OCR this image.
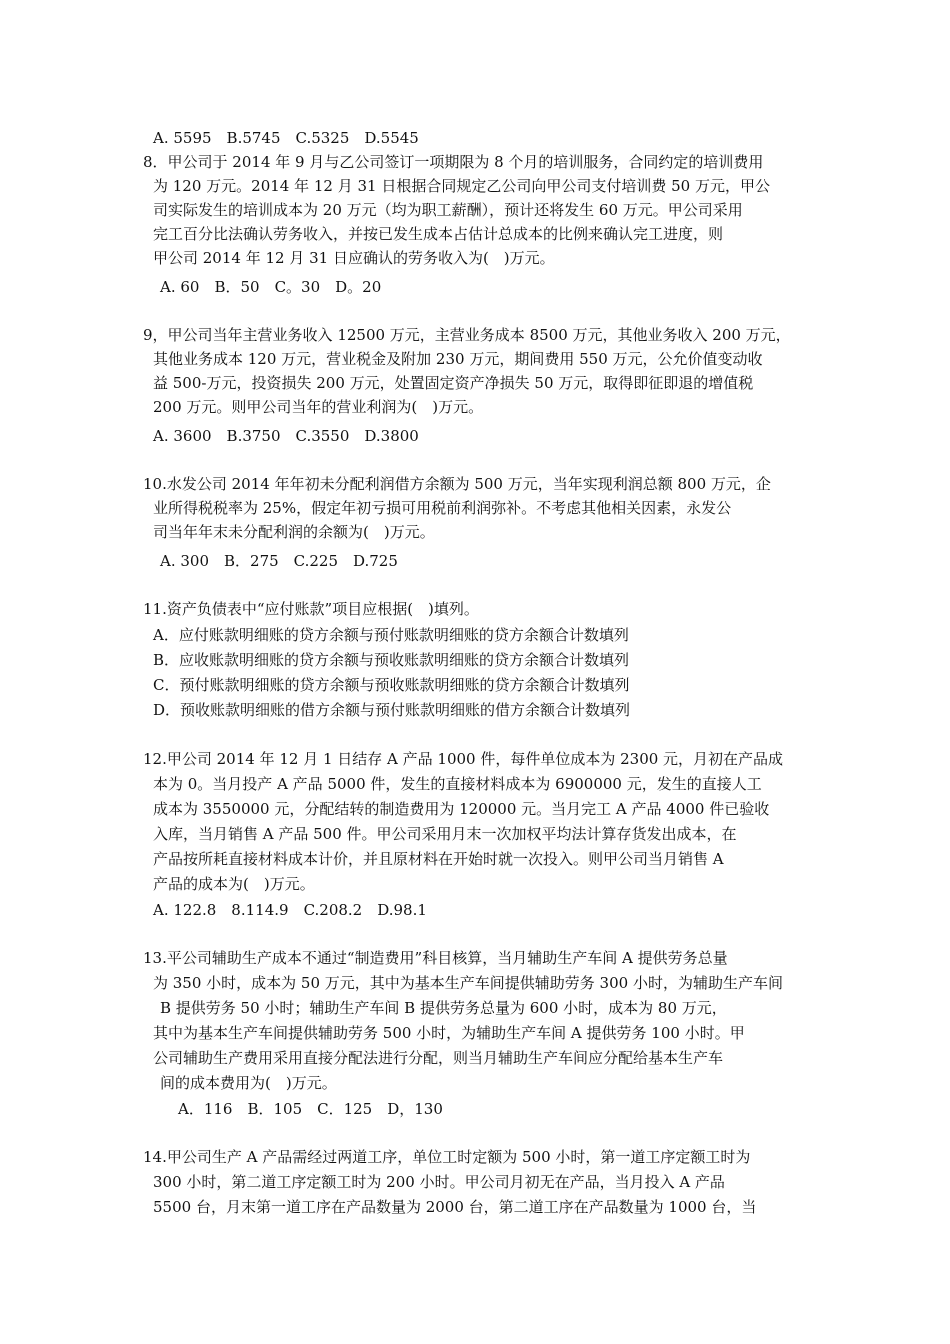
A. 5595　B.5745　C.5325　D.5545
8．甲公司于 2014 年 9 月与乙公司签订一项期限为 8 个月的培训服务，合同约定的培训费用
为 120 万元。2014 年 12 月 31 日根据合同规定乙公司向甲公司支付培训费 50 万元，甲公
司实际发生的培训成本为 20 万元（均为职工薪酬），预计还将发生 60 万元。甲公司采用
完工百分比法确认劳务收入，并按已发生成本占估计总成本的比例来确认完工进度，则
甲公司 2014 年 12 月 31 日应确认的劳务收入为(　)万元。
A. 60　B．50　C。30　D。20
9，甲公司当年主营业务收入 12500 万元，主营业务成本 8500 万元，其他业务收入 200 万元，
其他业务成本 120 万元，营业税金及附加 230 万元，期间费用 550 万元，公允价值变动收
益 500-万元，投资损失 200 万元，处置固定资产净损失 50 万元，取得即征即退的增值税
200 万元。则甲公司当年的营业利润为(　)万元。
A. 3600　B.3750　C.3550　D.3800
10.水发公司 2014 年年初未分配利润借方余额为 500 万元，当年实现利润总额 800 万元，企
业所得税税率为 25%，假定年初亏损可用税前利润弥补。不考虑其他相关因素，永发公
司当年年末未分配利润的余额为(　)万元。
A. 300　B．275　C.225　D.725
11.资产负债表中“应付账款”项目应根据(　)填列。
A．应付账款明细账的贷方余额与预付账款明细账的贷方余额合计数填列
B．应收账款明细账的贷方余额与预收账款明细账的贷方余额合计数填列
C．预付账款明细账的贷方余额与预收账款明细账的贷方余额合计数填列
D．预收账款明细账的借方余额与预付账款明细账的借方余额合计数填列
12.甲公司 2014 年 12 月 1 日结存 A 产品 1000 件，每件单位成本为 2300 元，月初在产品成
本为 0。当月投产 A 产品 5000 件，发生的直接材料成本为 6900000 元，发生的直接人工
成本为 3550000 元，分配结转的制造费用为 120000 元。当月完工 A 产品 4000 件已验收
入库，当月销售 A 产品 500 件。甲公司采用月末一次加权平均法计算存货发出成本，在
产品按所耗直接材料成本计价，并且原材料在开始时就一次投入。则甲公司当月销售 A
产品的成本为(　)万元。
A. 122.8　8.114.9　C.208.2　D.98.1
13.平公司辅助生产成本不通过“制造费用”科目核算，当月辅助生产车间 A 提供劳务总量
为 350 小时，成本为 50 万元，其中为基本生产车间提供辅助劳务 300 小时，为辅助生产车间
B 提供劳务 50 小时；辅助生产车间 B 提供劳务总量为 600 小时，成本为 80 万元，
其中为基本生产车间提供辅助劳务 500 小时，为辅助生产车间 A 提供劳务 100 小时。甲
公司辅助生产费用采用直接分配法进行分配，则当月辅助生产车间应分配给基本生产车
间的成本费用为(　)万元。
A．116　B．105　C．125　D，130
14.甲公司生产 A 产品需经过两道工序，单位工时定额为 500 小时，第一道工序定额工时为
300 小时，第二道工序定额工时为 200 小时。甲公司月初无在产品，当月投入 A 产品
5500 台，月末第一道工序在产品数量为 2000 台，第二道工序在产品数量为 1000 台，当
